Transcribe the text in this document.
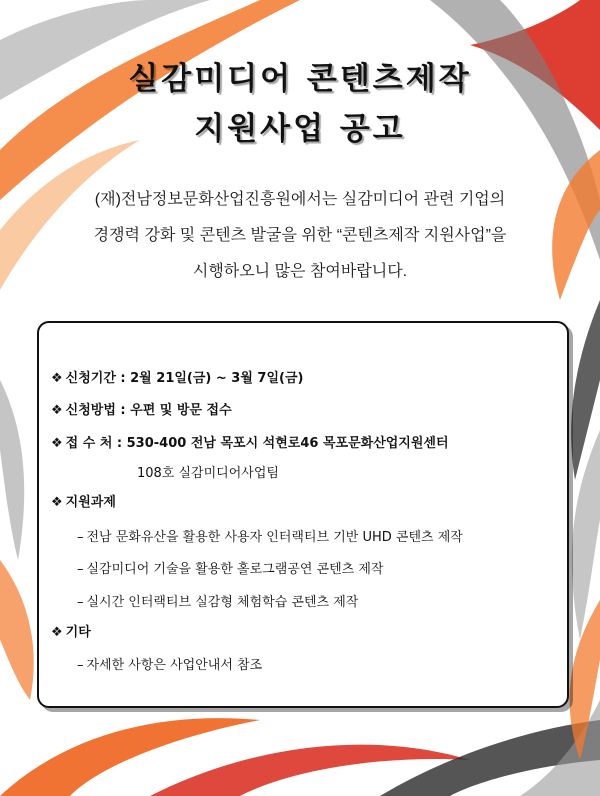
실감미디어 콘텐츠제작
지원사업 공고
(재)전남정보문화산업진흥원에서는 실감미디어 관련 기업의
경쟁력 강화 및 콘텐츠 발굴을 위한 “콘텐츠제작 지원사업”을
시행하오니 많은 참여바랍니다.
❖ 신청기간 : 2월 21일(금) ~ 3월 7일(금)
❖ 신청방법 : 우편 및 방문 접수
❖ 접 수 처 : 530-400 전남 목포시 석현로46 목포문화산업지원센터
108호 실감미디어사업팀
❖ 지원과제
– 전남 문화유산을 활용한 사용자 인터랙티브 기반 UHD 콘텐츠 제작
– 실감미디어 기술을 활용한 홀로그램공연 콘텐츠 제작
– 실시간 인터랙티브 실감형 체험학습 콘텐츠 제작
❖ 기타
– 자세한 사항은 사업안내서 참조
